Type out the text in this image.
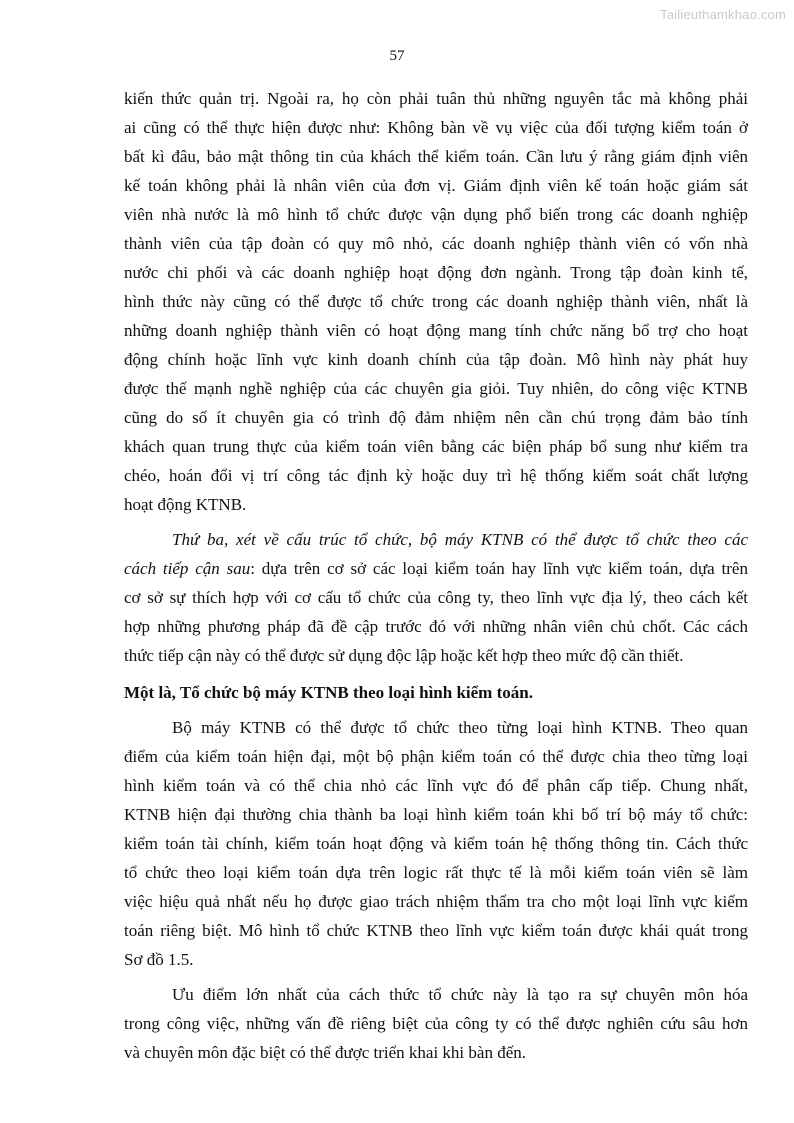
Tailieuthamkhao.com
57
kiến thức quản trị. Ngoài ra, họ còn phải tuân thủ những nguyên tắc mà không phải
ai cũng có thể thực hiện được như: Không bàn về vụ việc của đối tượng kiểm toán ở
bất kì đâu, bảo mật thông tin của khách thể kiểm toán. Cần lưu ý rằng giám định viên
kế toán không phải là nhân viên của đơn vị. Giám định viên kế toán hoặc giám sát
viên nhà nước là mô hình tổ chức được vận dụng phổ biến trong các doanh nghiệp
thành viên của tập đoàn có quy mô nhỏ, các doanh nghiệp thành viên có vốn nhà
nước chi phối và các doanh nghiệp hoạt động đơn ngành. Trong tập đoàn kinh tế,
hình thức này cũng có thể được tổ chức trong các doanh nghiệp thành viên, nhất là
những doanh nghiệp thành viên có hoạt động mang tính chức năng bổ trợ cho hoạt
động chính hoặc lĩnh vực kinh doanh chính của tập đoàn. Mô hình này phát huy
được thế mạnh nghề nghiệp của các chuyên gia giỏi. Tuy nhiên, do công việc KTNB
cũng do số ít chuyên gia có trình độ đảm nhiệm nên cần chú trọng đảm bảo tính
khách quan trung thực của kiểm toán viên bằng các biện pháp bổ sung như kiểm tra
chéo, hoán đổi vị trí công tác định kỳ hoặc duy trì hệ thống kiểm soát chất lượng
hoạt động KTNB.
Thứ ba, xét về cấu trúc tổ chức, bộ máy KTNB có thể được tổ chức theo các
cách tiếp cận sau: dựa trên cơ sở các loại kiểm toán hay lĩnh vực kiểm toán, dựa trên
cơ sở sự thích hợp với cơ cấu tổ chức của công ty, theo lĩnh vực địa lý, theo cách kết
hợp những phương pháp đã đề cập trước đó với những nhân viên chủ chốt. Các cách
thức tiếp cận này có thể được sử dụng độc lập hoặc kết hợp theo mức độ cần thiết.
Một là, Tổ chức bộ máy KTNB theo loại hình kiểm toán.
Bộ máy KTNB có thể được tổ chức theo từng loại hình KTNB. Theo quan
điểm của kiểm toán hiện đại, một bộ phận kiểm toán có thể được chia theo từng loại
hình kiểm toán và có thể chia nhỏ các lĩnh vực đó để phân cấp tiếp. Chung nhất,
KTNB hiện đại thường chia thành ba loại hình kiểm toán khi bố trí bộ máy tổ chức:
kiểm toán tài chính, kiểm toán hoạt động và kiểm toán hệ thống thông tin. Cách thức
tổ chức theo loại kiểm toán dựa trên logic rất thực tế là mỗi kiểm toán viên sẽ làm
việc hiệu quả nhất nếu họ được giao trách nhiệm thẩm tra cho một loại lĩnh vực kiểm
toán riêng biệt. Mô hình tổ chức KTNB theo lĩnh vực kiểm toán được khái quát trong
Sơ đồ 1.5.
Ưu điểm lớn nhất của cách thức tổ chức này là tạo ra sự chuyên môn hóa
trong công việc, những vấn đề riêng biệt của công ty có thể được nghiên cứu sâu hơn
và chuyên môn đặc biệt có thể được triển khai khi bàn đến.
